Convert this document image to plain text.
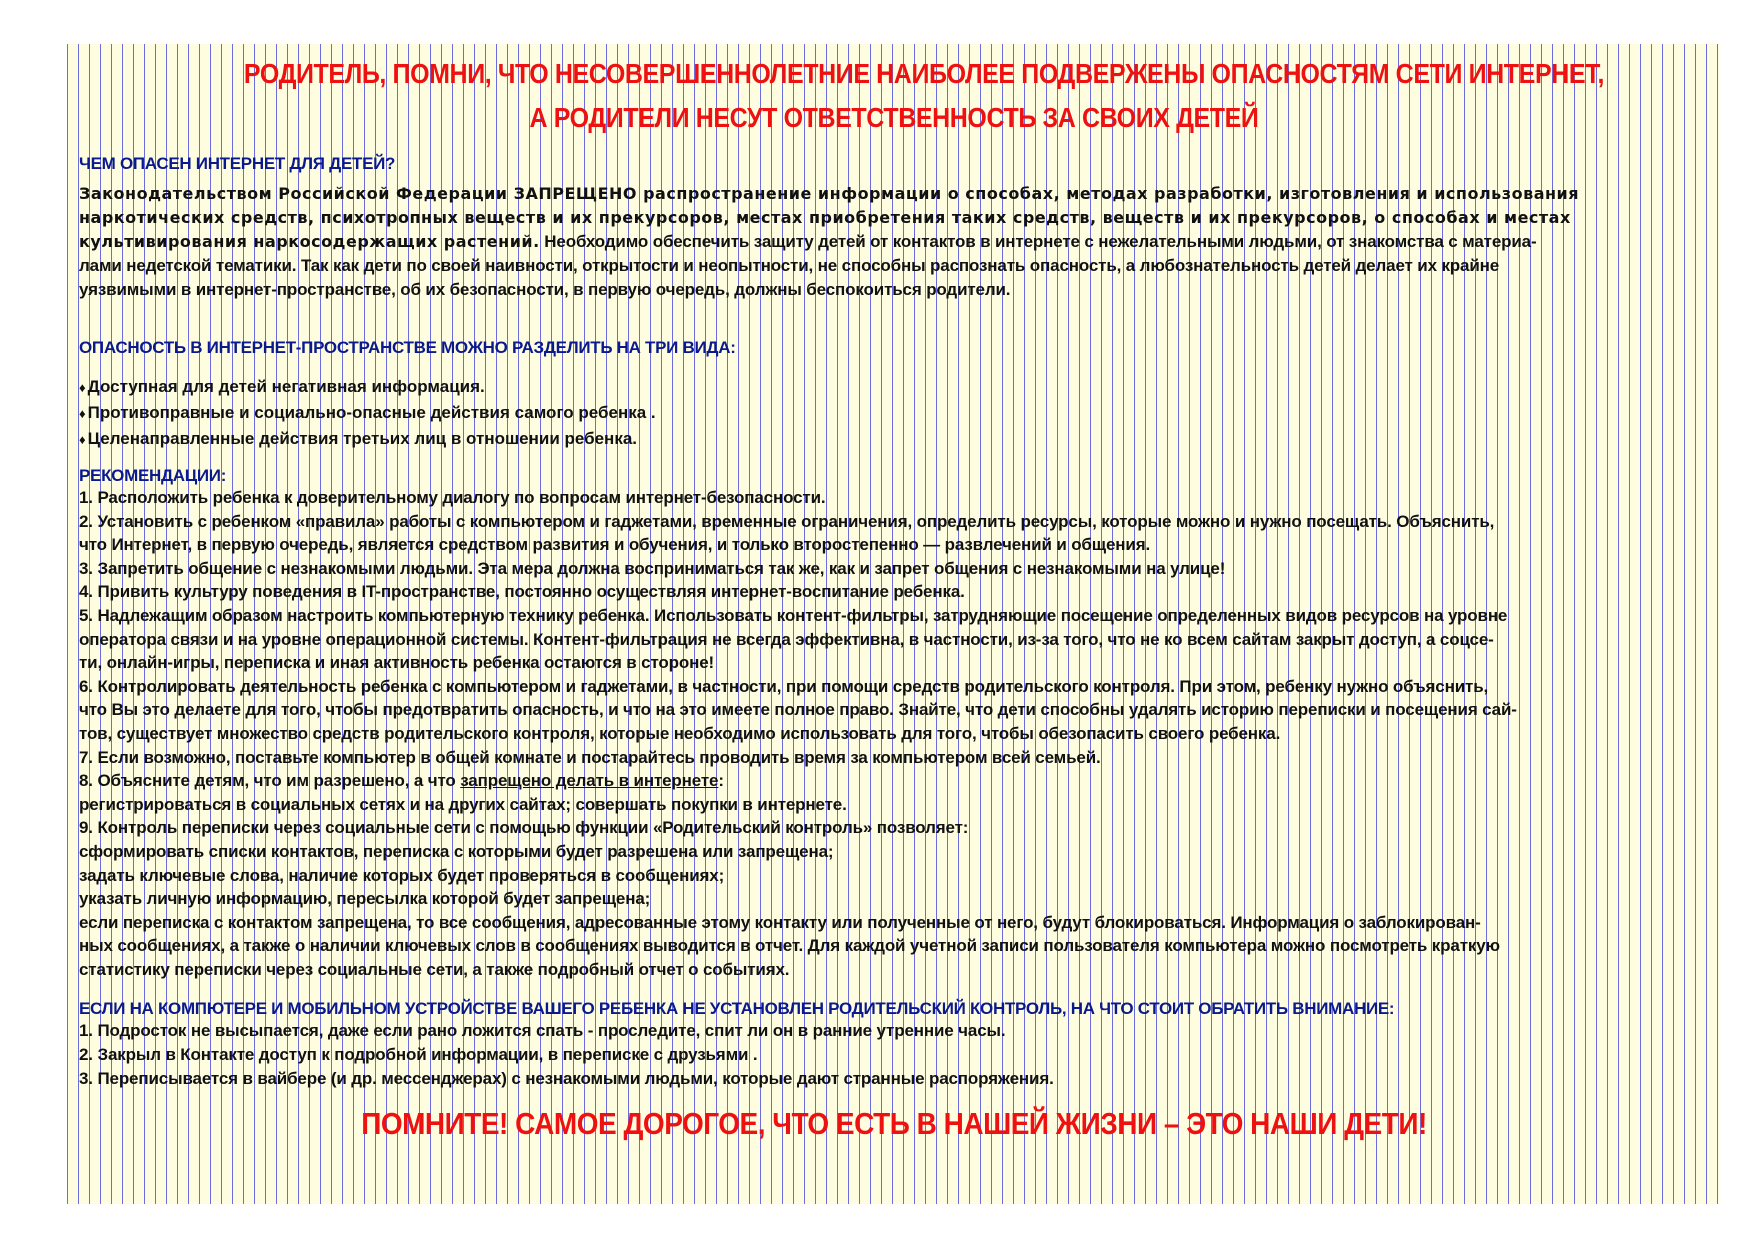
РОДИТЕЛЬ, ПОМНИ, ЧТО НЕСОВЕРШЕННОЛЕТНИЕ НАИБОЛЕЕ ПОДВЕРЖЕНЫ ОПАСНОСТЯМ СЕТИ ИНТЕРНЕТ,
А РОДИТЕЛИ НЕСУТ ОТВЕТСТВЕННОСТЬ ЗА СВОИХ ДЕТЕЙ
ЧЕМ ОПАСЕН ИНТЕРНЕТ ДЛЯ ДЕТЕЙ?

Законодательством Российской Федерации ЗАПРЕЩЕНО распространение информации о способах, методах разработки, изготовления и использования
наркотических средств, психотропных веществ и их прекурсоров, местах приобретения таких средств, веществ и их прекурсоров, о способах и местах
культивирования наркосодержащих растений. Необходимо обеспечить защиту детей от контактов в интернете с нежелательными людьми, от знакомства с материа-
лами недетской тематики. Так как дети по своей наивности, открытости и неопытности, не способны распознать опасность, а любознательность детей делает их крайне
уязвимыми в интернет-пространстве, об их безопасности, в первую очередь, должны беспокоиться родители.

ОПАСНОСТЬ В ИНТЕРНЕТ-ПРОСТРАНСТВЕ МОЖНО РАЗДЕЛИТЬ НА ТРИ ВИДА:
♦ Доступная для детей негативная информация.
♦ Противоправные и социально-опасные действия самого ребенка .
♦ Целенаправленные действия третьих лиц в отношении ребенка.
РЕКОМЕНДАЦИИ:

1. Расположить ребенка к доверительному диалогу по вопросам интернет-безопасности.

2. Установить с ребенком «правила» работы с компьютером и гаджетами, временные ограничения, определить ресурсы, которые можно и нужно посещать. Объяснить,
что Интернет, в первую очередь, является средством развития и обучения, и только второстепенно — развлечений и общения.

3. Запретить общение с незнакомыми людьми. Эта мера должна восприниматься так же, как и запрет общения с незнакомыми на улице!

4. Привить культуру поведения в IT-пространстве, постоянно осуществляя интернет-воспитание ребенка.

5. Надлежащим образом настроить компьютерную технику ребенка. Использовать контент-фильтры, затрудняющие посещение определенных видов ресурсов на уровне
оператора связи и на уровне операционной системы. Контент-фильтрация не всегда эффективна, в частности, из-за того, что не ко всем сайтам закрыт доступ, а соцсе-
ти, онлайн-игры, переписка и иная активность ребенка остаются в стороне!

6. Контролировать деятельность ребенка с компьютером и гаджетами, в частности, при помощи средств родительского контроля. При этом, ребенку нужно объяснить,
что Вы это делаете для того, чтобы предотвратить опасность, и что на это имеете полное право. Знайте, что дети способны удалять историю переписки и посещения сай-
тов, существует множество средств родительского контроля, которые необходимо использовать для того, чтобы обезопасить своего ребенка.

7. Если возможно, поставьте компьютер в общей комнате и постарайтесь проводить время за компьютером всей семьей.

8. Объясните детям, что им разрешено, а что запрещено делать в интернете:

регистрироваться в социальных сетях и на других сайтах; совершать покупки в интернете.

9. Контроль переписки через социальные сети с помощью функции «Родительский контроль» позволяет:

сформировать списки контактов, переписка с которыми будет разрешена или запрещена;

задать ключевые слова, наличие которых будет проверяться в сообщениях;

указать личную информацию, пересылка которой будет запрещена;

если переписка с контактом запрещена, то все сообщения, адресованные этому контакту или полученные от него, будут блокироваться. Информация о заблокирован-
ных сообщениях, а также о наличии ключевых слов в сообщениях выводится в отчет. Для каждой учетной записи пользователя компьютера можно посмотреть краткую
статистику переписки через социальные сети, а также подробный отчет о событиях.

ЕСЛИ НА КОМПЮТЕРЕ И МОБИЛЬНОМ УСТРОЙСТВЕ ВАШЕГО РЕБЕНКА НЕ УСТАНОВЛЕН РОДИТЕЛЬСКИЙ КОНТРОЛЬ, НА ЧТО СТОИТ ОБРАТИТЬ ВНИМАНИЕ:

1. Подросток не высыпается, даже если рано ложится спать - проследите, спит ли он в ранние утренние часы.

2. Закрыл в Контакте доступ к подробной информации, в переписке с друзьями .

3. Переписывается в вайбере (и др. мессенджерах) с незнакомыми людьми, которые дают странные распоряжения.

ПОМНИТЕ! САМОЕ ДОРОГОЕ, ЧТО ЕСТЬ В НАШЕЙ ЖИЗНИ – ЭТО НАШИ ДЕТИ!
